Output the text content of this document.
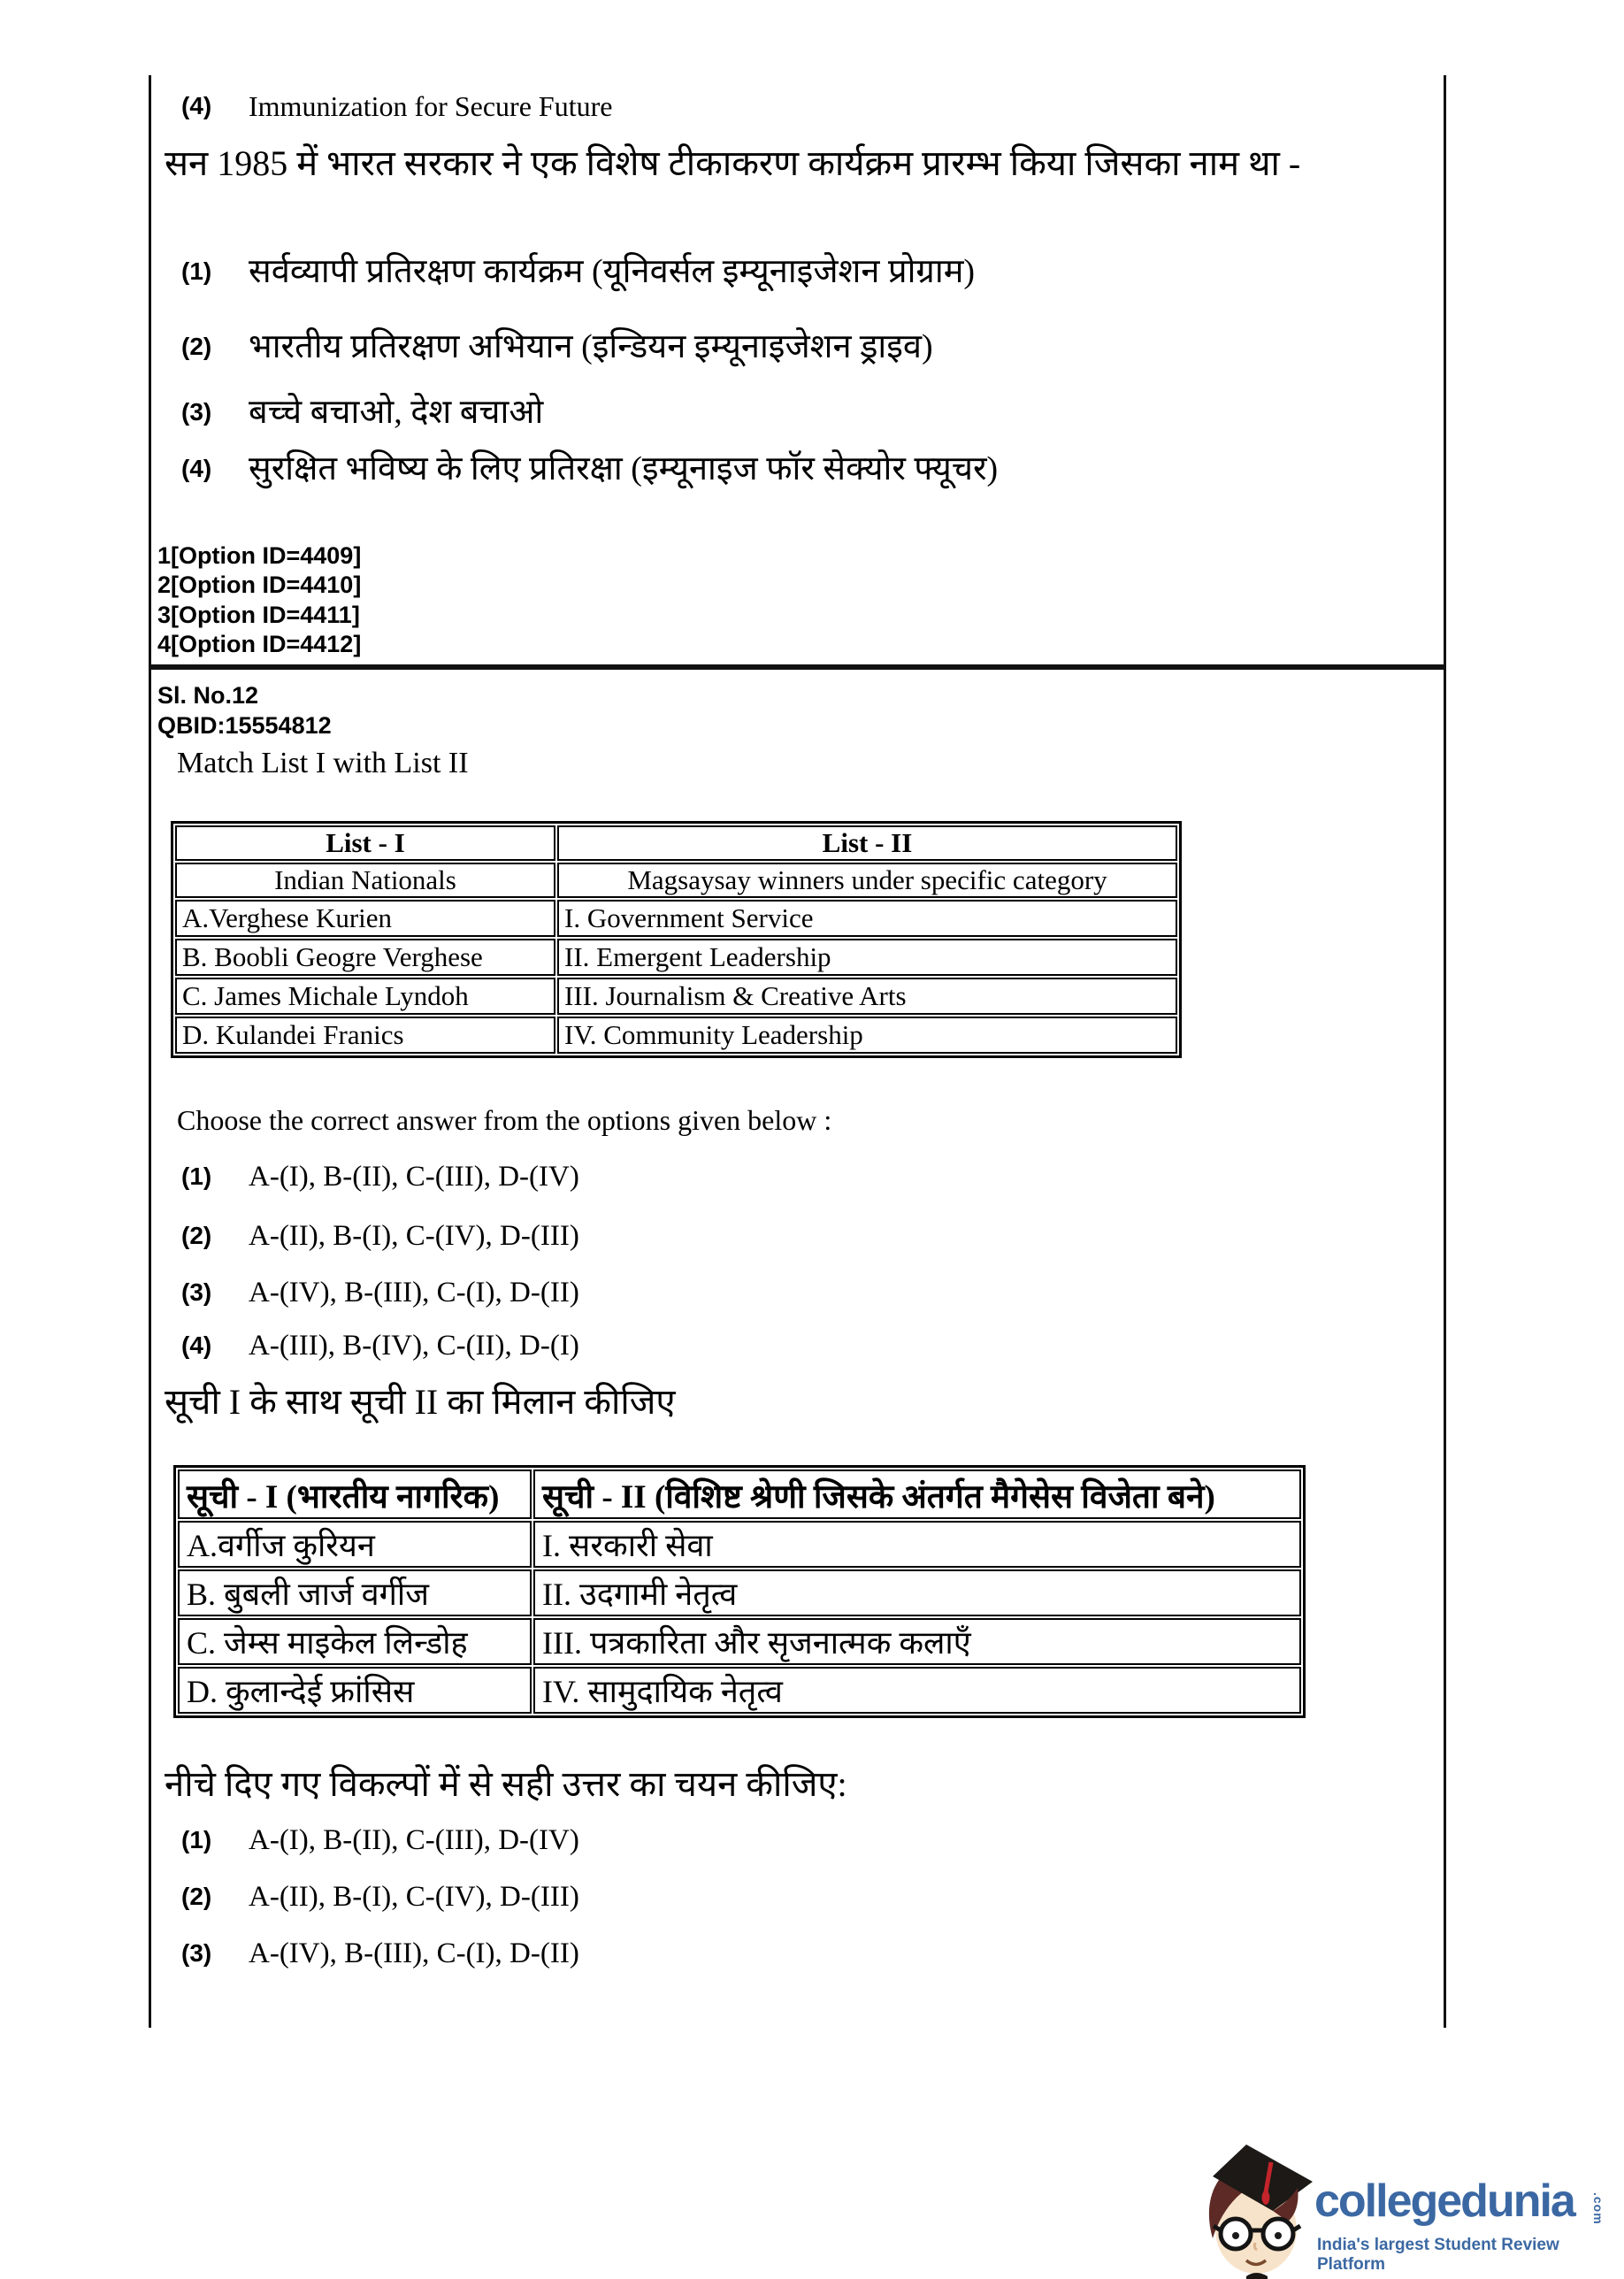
(4)	Immunization for Secure Future
सन 1985 में भारत सरकार ने एक विशेष टीकाकरण कार्यक्रम प्रारम्भ किया जिसका नाम था -
(1)	सर्वव्यापी प्रतिरक्षण कार्यक्रम (यूनिवर्सल इम्यूनाइजेशन प्रोग्राम)
(2)	भारतीय प्रतिरक्षण अभियान (इन्डियन इम्यूनाइजेशन ड्राइव)
(3)	बच्चे बचाओ, देश बचाओ
(4)	सुरक्षित भविष्य के लिए प्रतिरक्षा (इम्यूनाइज फॉर सेक्योर फ्यूचर)
1[Option ID=4409]
2[Option ID=4410]
3[Option ID=4411]
4[Option ID=4412]
Sl. No.12
QBID:15554812
Match List I with List II
List - I	List - II
Indian Nationals	Magsaysay winners under specific category
A.Verghese Kurien	I. Government Service
B. Boobli Geogre Verghese	II. Emergent Leadership
C. James Michale Lyndoh	III. Journalism & Creative Arts
D. Kulandei Franics	IV. Community Leadership
Choose the correct answer from the options given below :
(1)	A-(I), B-(II), C-(III), D-(IV)
(2)	A-(II), B-(I), C-(IV), D-(III)
(3)	A-(IV), B-(III), C-(I), D-(II)
(4)	A-(III), B-(IV), C-(II), D-(I)
सूची I के साथ सूची II का मिलान कीजिए
सूची - I (भारतीय नागरिक)	सूची - II (विशिष्ट श्रेणी जिसके अंतर्गत मैगेसेस विजेता बने)
A.वर्गीज कुरियन	I. सरकारी सेवा
B. बुबली जार्ज वर्गीज	II. उदगामी नेतृत्व
C. जेम्स माइकेल लिन्डोह	III. पत्रकारिता और सृजनात्मक कलाएँ
D. कुलान्देई फ्रांसिस	IV. सामुदायिक नेतृत्व
नीचे दिए गए विकल्पों में से सही उत्तर का चयन कीजिए:
(1)	A-(I), B-(II), C-(III), D-(IV)
(2)	A-(II), B-(I), C-(IV), D-(III)
(3)	A-(IV), B-(III), C-(I), D-(II)
collegedunia .com
India's largest Student Review Platform
